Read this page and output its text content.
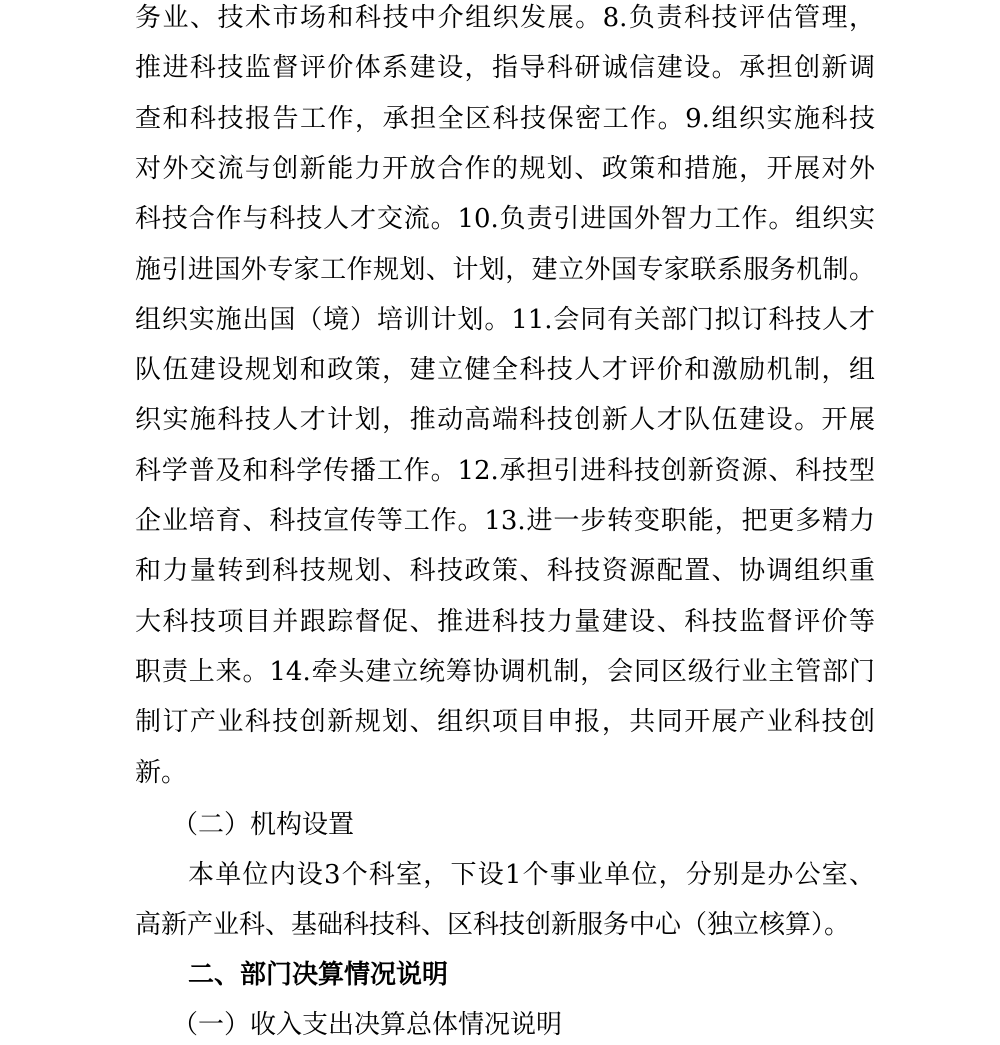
务业、技术市场和科技中介组织发展。8.负责科技评估管理，
推进科技监督评价体系建设，指导科研诚信建设。承担创新调
查和科技报告工作，承担全区科技保密工作。9.组织实施科技
对外交流与创新能力开放合作的规划、政策和措施，开展对外
科技合作与科技人才交流。10.负责引进国外智力工作。组织实
施引进国外专家工作规划、计划，建立外国专家联系服务机制。
组织实施出国（境）培训计划。11.会同有关部门拟订科技人才
队伍建设规划和政策，建立健全科技人才评价和激励机制，组
织实施科技人才计划，推动高端科技创新人才队伍建设。开展
科学普及和科学传播工作。12.承担引进科技创新资源、科技型
企业培育、科技宣传等工作。13.进一步转变职能，把更多精力
和力量转到科技规划、科技政策、科技资源配置、协调组织重
大科技项目并跟踪督促、推进科技力量建设、科技监督评价等
职责上来。14.牵头建立统筹协调机制，会同区级行业主管部门
制订产业科技创新规划、组织项目申报，共同开展产业科技创
新。
（二）机构设置
本单位内设3个科室，下设1个事业单位，分别是办公室、
高新产业科、基础科技科、区科技创新服务中心（独立核算）。
二、部门决算情况说明
（一）收入支出决算总体情况说明
